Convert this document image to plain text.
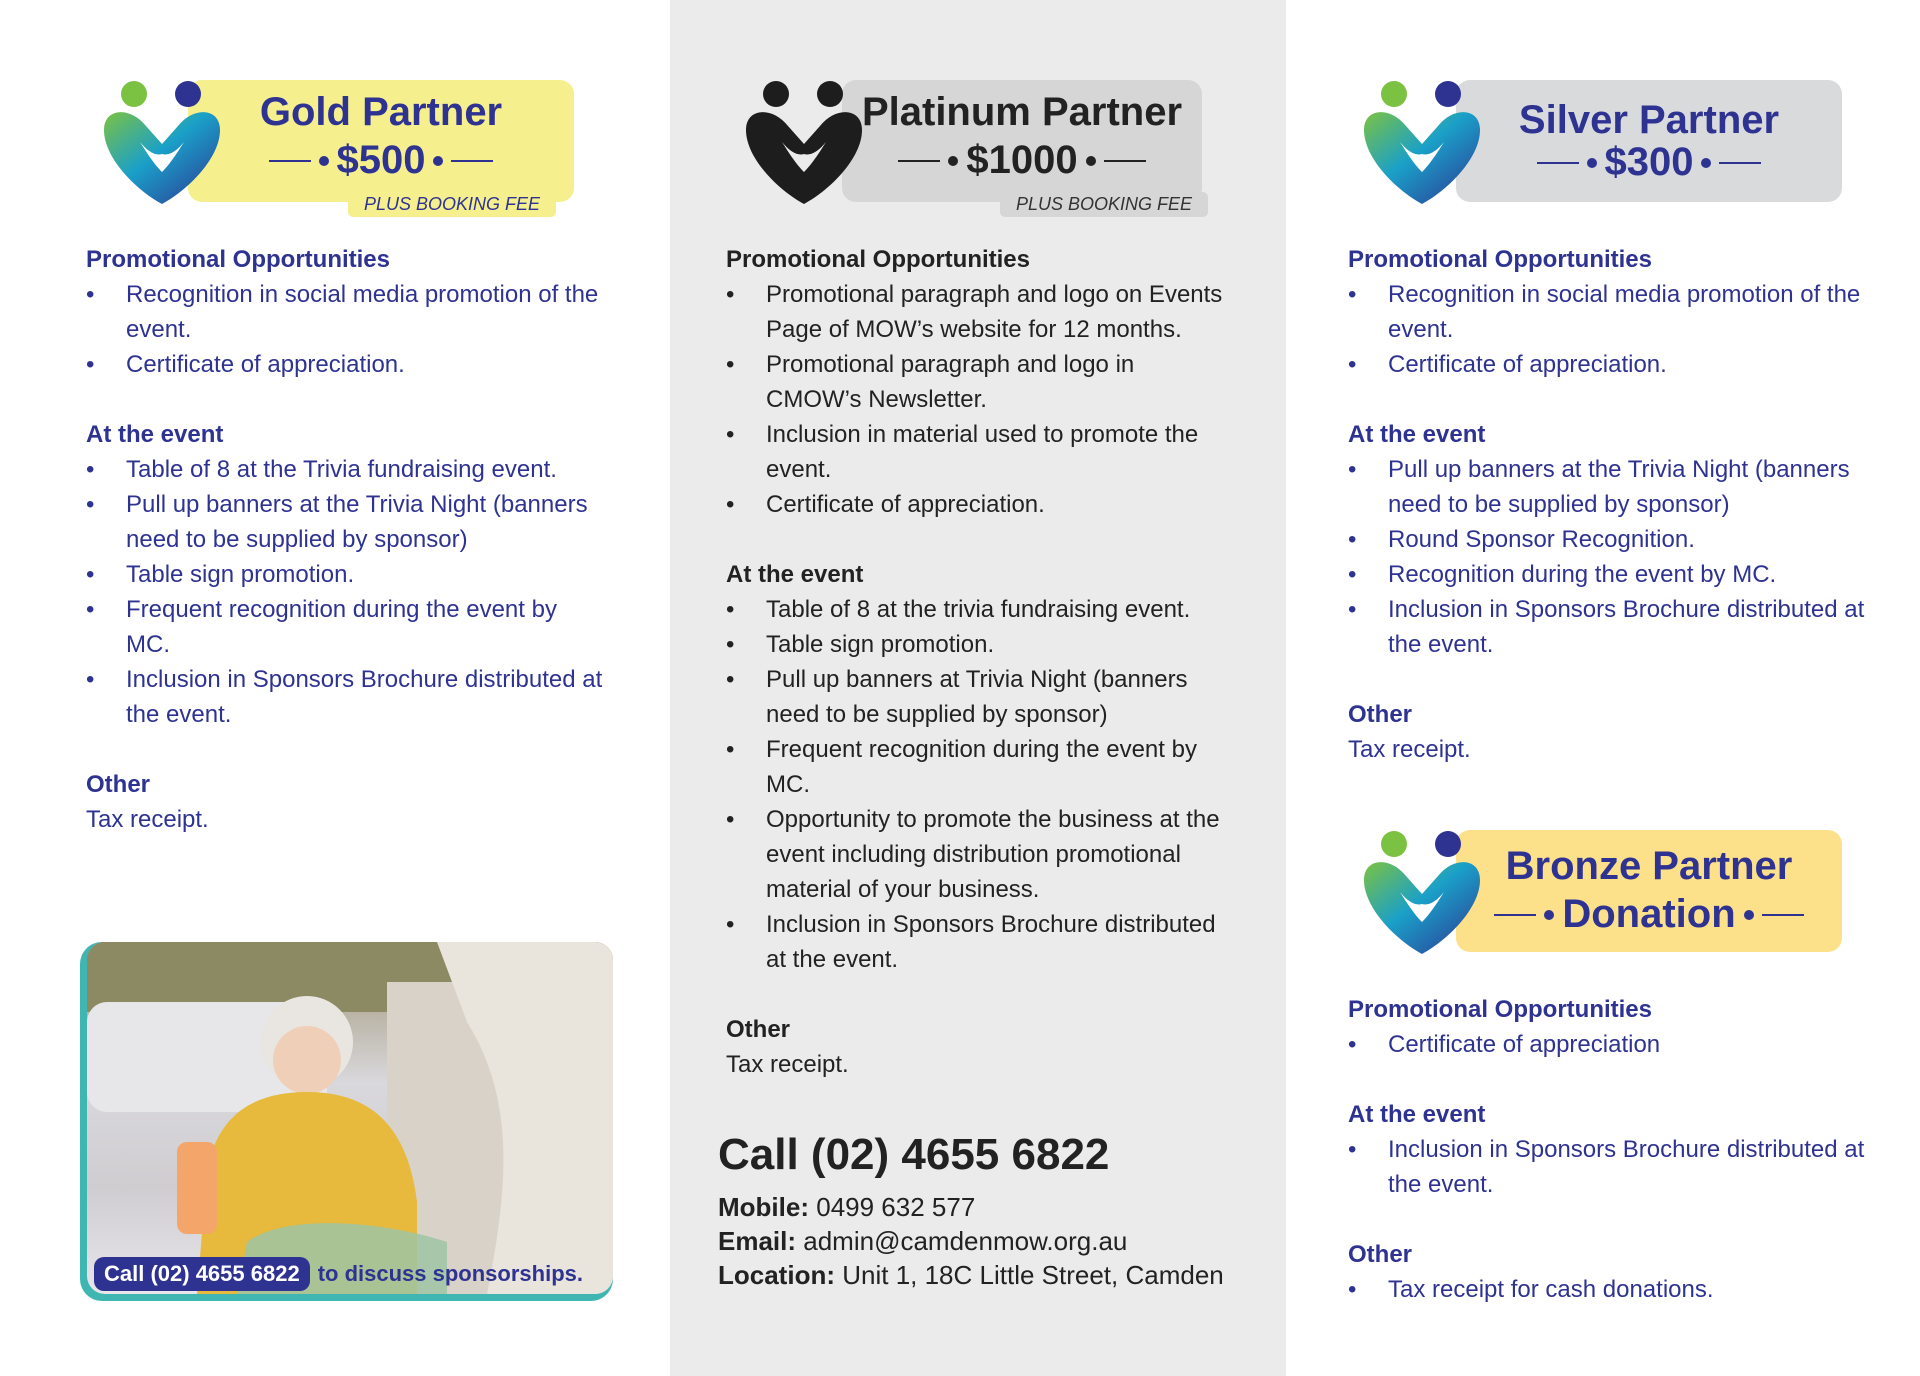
Gold Partner
$500
PLUS BOOKING FEE
Promotional Opportunities
• Recognition in social media promotion of the event.
• Certificate of appreciation.
At the event
• Table of 8 at the Trivia fundraising event.
• Pull up banners at the Trivia Night (banners need to be supplied by sponsor)
• Table sign promotion.
• Frequent recognition during the event by MC.
• Inclusion in Sponsors Brochure distributed at the event.
Other
Tax receipt.
Call (02) 4655 6822 to discuss sponsorships.
Platinum Partner
$1000
PLUS BOOKING FEE
Promotional Opportunities
• Promotional paragraph and logo on Events Page of MOW’s website for 12 months.
• Promotional paragraph and logo in CMOW’s Newsletter.
• Inclusion in material used to promote the event.
• Certificate of appreciation.
At the event
• Table of 8 at the trivia fundraising event.
• Table sign promotion.
• Pull up banners at Trivia Night (banners need to be supplied by sponsor)
• Frequent recognition during the event by MC.
• Opportunity to promote the business at the event including distribution promotional material of your business.
• Inclusion in Sponsors Brochure distributed at the event.
Other
Tax receipt.
Call (02) 4655 6822
Mobile: 0499 632 577
Email: admin@camdenmow.org.au
Location: Unit 1, 18C Little Street, Camden
Silver Partner
$300
Promotional Opportunities
• Recognition in social media promotion of the event.
• Certificate of appreciation.
At the event
• Pull up banners at the Trivia Night (banners need to be supplied by sponsor)
• Round Sponsor Recognition.
• Recognition during the event by MC.
• Inclusion in Sponsors Brochure distributed at the event.
Other
Tax receipt.
Bronze Partner
Donation
Promotional Opportunities
• Certificate of appreciation
At the event
• Inclusion in Sponsors Brochure distributed at the event.
Other
• Tax receipt for cash donations.
